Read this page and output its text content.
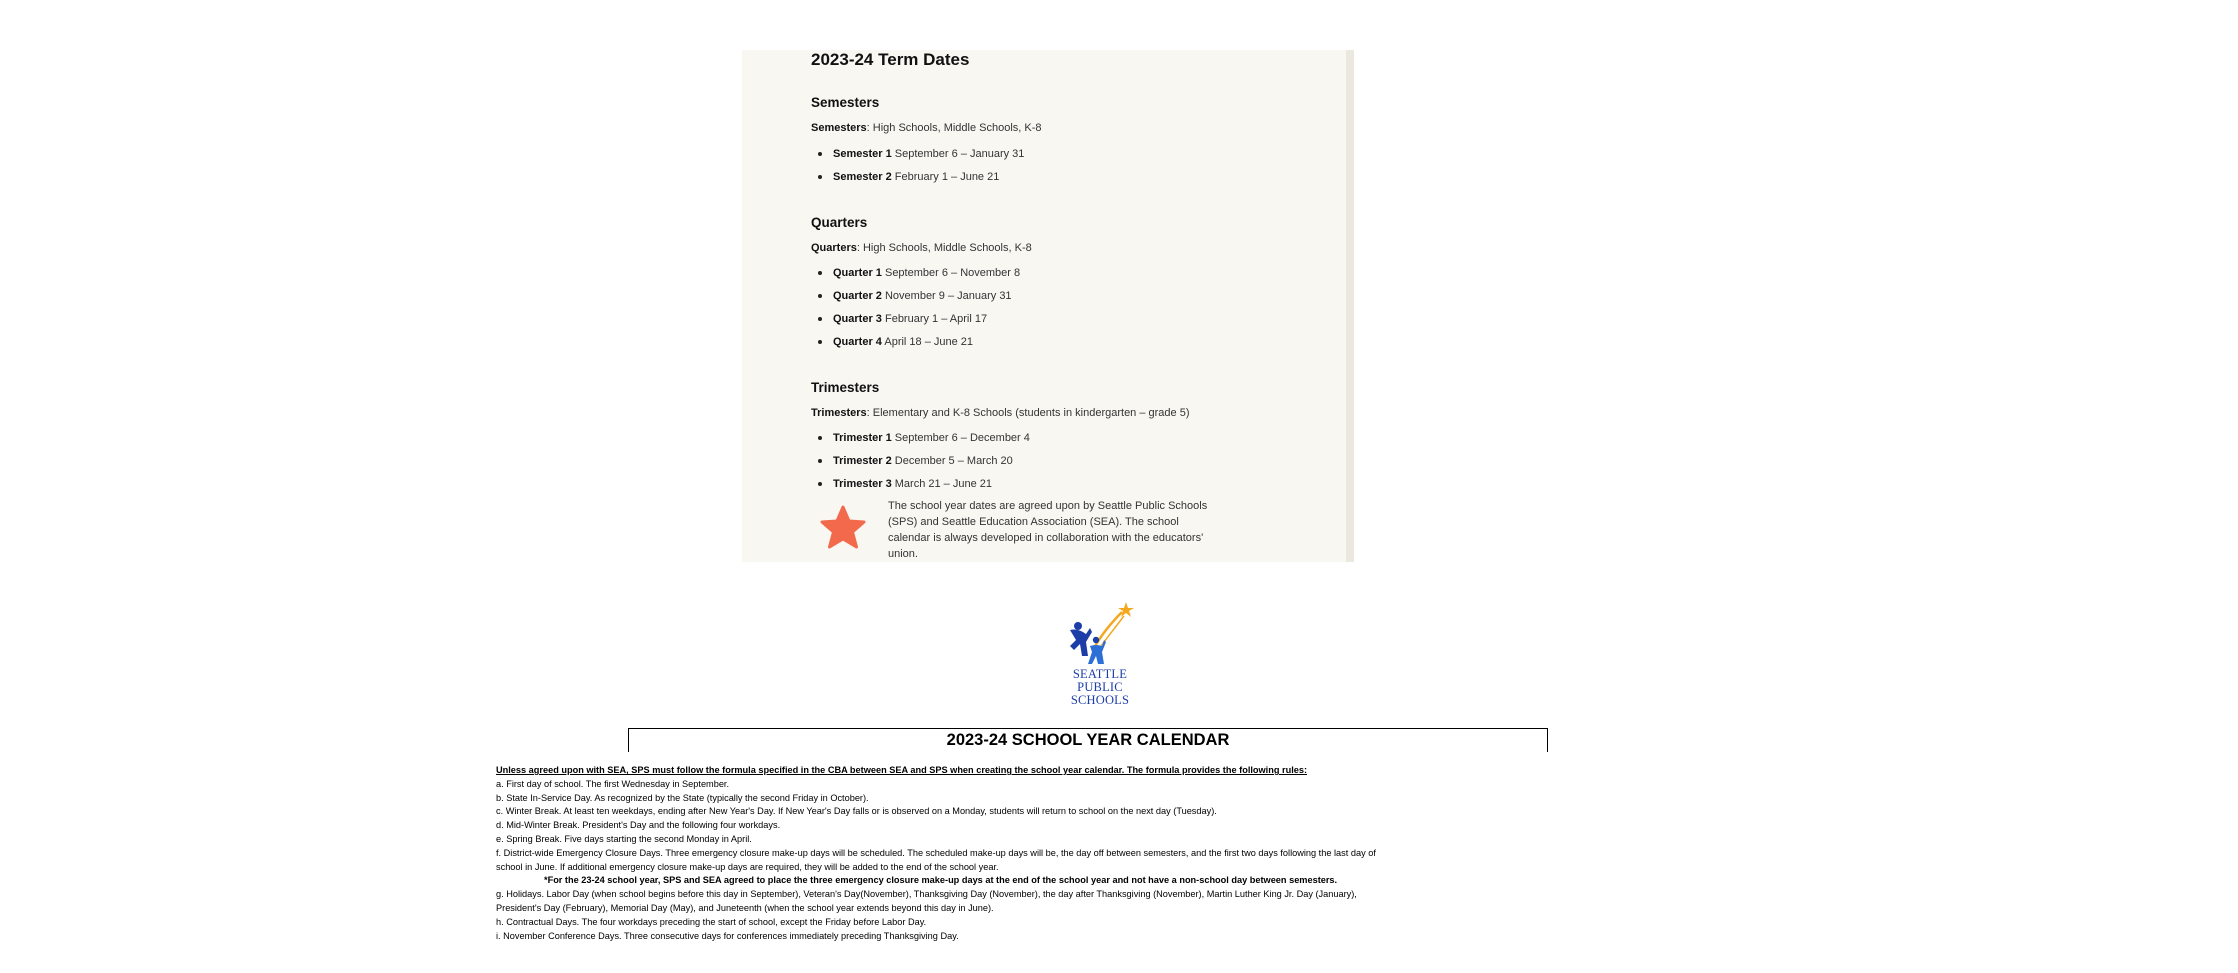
2023-24 Term Dates
Semesters
Semesters: High Schools, Middle Schools, K-8
Semester 1 September 6 – January 31
Semester 2 February 1 – June 21
Quarters
Quarters: High Schools, Middle Schools, K-8
Quarter 1 September 6 – November 8
Quarter 2 November 9 – January 31
Quarter 3 February 1 – April 17
Quarter 4 April 18 – June 21
Trimesters
Trimesters: Elementary and K-8 Schools (students in kindergarten – grade 5)
Trimester 1 September 6 – December 4
Trimester 2 December 5 – March 20
Trimester 3 March 21 – June 21
The school year dates are agreed upon by Seattle Public Schools (SPS) and Seattle Education Association (SEA). The school calendar is always developed in collaboration with the educators' union.
SEATTLE
PUBLIC
SCHOOLS
2023-24 SCHOOL YEAR CALENDAR
Unless agreed upon with SEA, SPS must follow the formula specified in the CBA between SEA and SPS when creating the school year calendar. The formula provides the following rules:
a. First day of school. The first Wednesday in September.
b. State In-Service Day. As recognized by the State (typically the second Friday in October).
c. Winter Break. At least ten weekdays, ending after New Year's Day. If New Year's Day falls or is observed on a Monday, students will return to school on the next day (Tuesday).
d. Mid-Winter Break. President's Day and the following four workdays.
e. Spring Break. Five days starting the second Monday in April.
f. District-wide Emergency Closure Days. Three emergency closure make-up days will be scheduled. The scheduled make-up days will be, the day off between semesters, and the first two days following the last day of
school in June. If additional emergency closure make-up days are required, they will be added to the end of the school year.
*For the 23-24 school year, SPS and SEA agreed to place the three emergency closure make-up days at the end of the school year and not have a non-school day between semesters.
g. Holidays. Labor Day (when school begins before this day in September), Veteran's Day(November), Thanksgiving Day (November), the day after Thanksgiving (November), Martin Luther King Jr. Day (January),
President's Day (February), Memorial Day (May), and Juneteenth (when the school year extends beyond this day in June).
h. Contractual Days. The four workdays preceding the start of school, except the Friday before Labor Day.
i. November Conference Days. Three consecutive days for conferences immediately preceding Thanksgiving Day.
